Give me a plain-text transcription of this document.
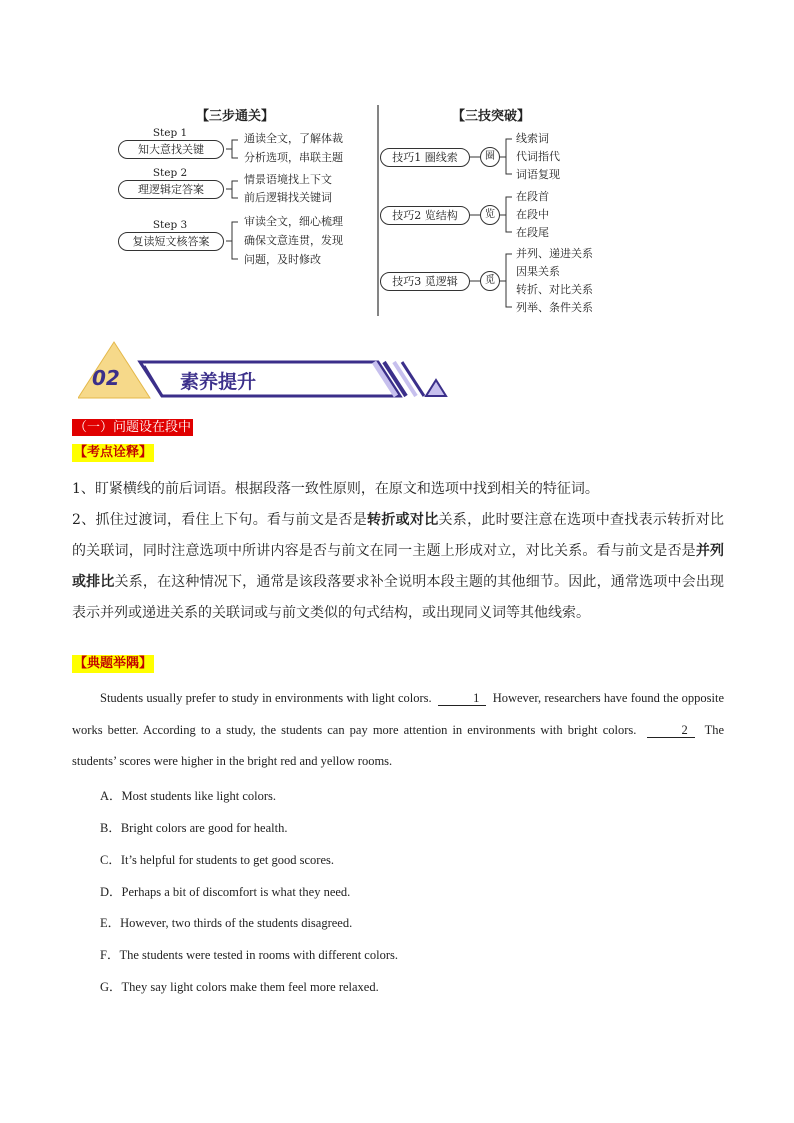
【三步通关】	【三技突破】
Step 1
知大意找关键
通读全文，了解体裁
分析选项，串联主题
Step 2
理逻辑定答案
情景语境找上下文
前后逻辑找关键词
Step 3
复读短文核答案
审读全文，细心梳理
确保文意连贯，发现
问题，及时修改
技巧1 圈线索	圈
线索词
代词指代
词语复现
技巧2 览结构	览
在段首
在段中
在段尾
技巧3 觅逻辑	觅
并列、递进关系
因果关系
转折、对比关系
列举、条件关系
02	素养提升
（一）问题设在段中
【考点诠释】
1、盯紧横线的前后词语。根据段落一致性原则，在原文和选项中找到相关的特征词。
2、抓住过渡词，看住上下句。看与前文是否是转折或对比关系，此时要注意在选项中查找表示转折对比的关联词，同时注意选项中所讲内容是否与前文在同一主题上形成对立，对比关系。看与前文是否是并列或排比关系，在这种情况下，通常是该段落要求补全说明本段主题的其他细节。因此，通常选项中会出现表示并列或递进关系的关联词或与前文类似的句式结构，或出现同义词等其他线索。
【典题举隅】
Students usually prefer to study in environments with light colors.	1 However, researchers have found the opposite works better. According to a study, the students can pay more attention in environments with bright colors.	2 The students’ scores were higher in the bright red and yellow rooms.
A．Most students like light colors.
B．Bright colors are good for health.
C．It’s helpful for students to get good scores.
D．Perhaps a bit of discomfort is what they need.
E．However, two thirds of the students disagreed.
F．The students were tested in rooms with different colors.
G．They say light colors make them feel more relaxed.
